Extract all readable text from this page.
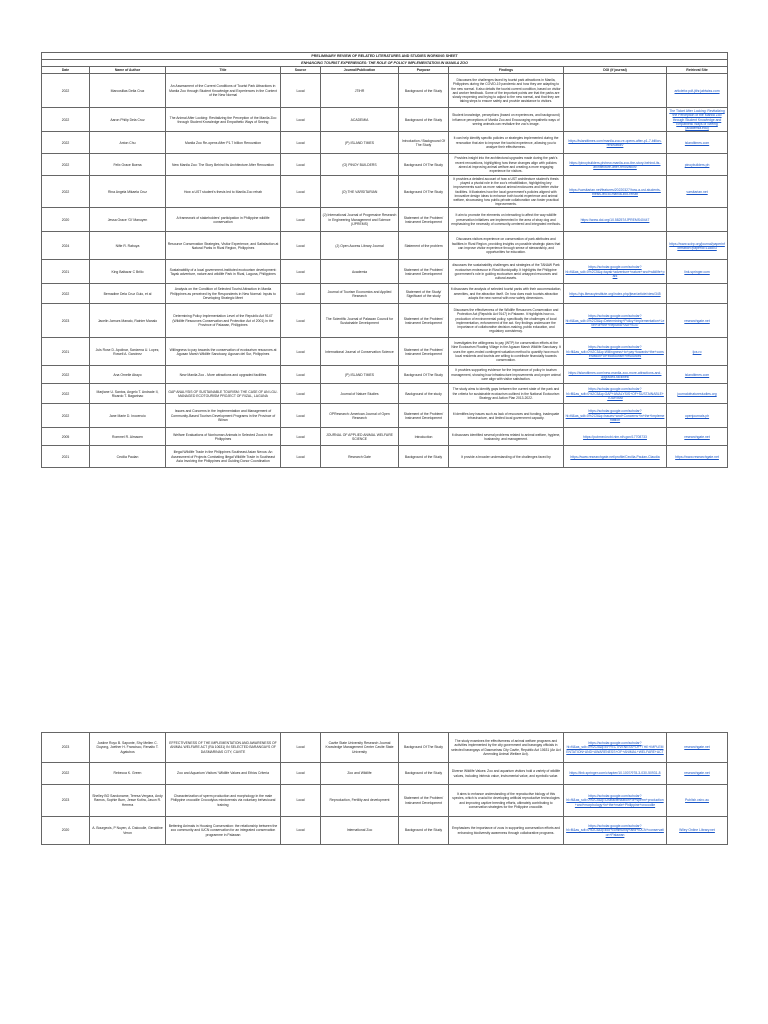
PRELIMINARY REVIEW OF RELATED LITERATURES AND STUDIES WORKING SHEET								
ENHANCING TOURIST EXPERIENCES: THE ROLE OF POLICY IMPLEMENTATION IN MANILA ZOO								
Date	Name of Author	Title	Source	Journal/Publication	Purpose	Findings	DOI (if journal)	Retrieval Site
2022	Marcosillas Delia Cruz	An Assessment of the Current Conditions of Tourist Park Attractions in Manila Zoo through Student Knowledge and Experiences in the Context of the New Normal	Local	JTIHR	Background of the Study	Discusses the challenges faced by tourist park attractions in Manila, Philippines during the COVID-19 pandemic and how they are adapting to the new normal. It also details the tourist current condition, based on visitor and worker feedback. Some of the important points are that the parks are slowly reopening and trying to adjust to the new normal, and that they are taking steps to ensure safety and provide assistance to visitors.		articlefor.pdf-jtihr.jabiwiss.com
2022	Aaron Philip Dela Cruz	The Animal After Locking: Revitalizing the Perception of the Manila Zoo through Student Knowledge and Empathetic Ways of Seeing	Local	ACADEMIA	Background of the Study	Student knowledge, perceptions (based on experiences, and background) influence perceptions of Manila Zoo and Encouraging empathetic ways of seeing animals can revitalize the zoo's image.		The Ticket After Locking: Revitalizing the Perception of the Manila Zoo through Student Knowledge and Empathetic Ways of Seeing (academia.edu)
2022	Anton Chu	Manila Zoo Re-opens After P1.7 billion Renovation	Local	(P) ISLAND TIMES	Introduction / Background Of The Study	It can help identify specific policies or strategies implemented during the renovation that aim to improve the tourist experience, allowing you to analyze their effectiveness.	https://islandtimes.com/manila-zoo-re-opens-after-p1-7-billion-renovation/	islandtimes.com
2022	Felix Grace Buena	New Manila Zoo: The Story Behind Its Architecture After Renovation	Local	(O) PINOY BUILDERS	Background Of The Study	Provides insight into the architectural upgrades made during the park's recent renovations, highlighting how these changes align with policies aimed at improving animal welfare and creating a more engaging experience for visitors.	https://pinoybuilders.ph/new-manila-zoo-the-story-behind-its-architecture-after-renovation/	pinoybuilders.ph
2022	Rina Angela Mikaela Cruz	How a UST student's thesis led to Manila Zoo rehab	Local	(O) THE VARSITARIAN	Background Of The Study	It provides a detailed account of how a UST architecture student's thesis played a pivotal role in the zoo's rehabilitation, highlighting key improvements such as more natural animal enclosures and better visitor facilities. It illustrates how the local government's policies aligned with innovative design ideas to enhance both tourist experience and animal welfare, showcasing how public-private collaboration can foster practical improvements.	https://varsitarian.net/features/20220327/how-a-ust-students-thesis-led-to-manila-zoo-rehab	varsitarian.net
2020	Jessa Grace 'Gi' Manuyen	A framework of stakeholders' participation in Philippine wildlife conservation	Local	(J) International Journal of Progressive Research in Engineering Management and Science (IJPREMS)	Statement of the Problem/ Instrument Development	It aim to promote the elements on interacting to affect the way wildlife preservation initiatives are implemented in the area of stray dog and emphasizing the necessity of community-centered and integrated methods.	https://www.doi.org/10.58257/IJPREMS40447	
2024	Nifie R. Rabuya	Resource Conservation Strategies, Visitor Experience, and Satisfaction at Natural Parks in Rizal Region, Philippines	Local	(J) Open Access Library Journal	Statement of the problem	Discusses visitors experience on conservation of park attributes and facilities in Rizal Region, providing insights on possible strategic plans that can improve visitor experience through sense of stewardship, and opportunities for education.		https://www.scirp.org/journal/paperinformation?paperid=118803
2021	King Baltazar C Brillo	Sustainability of a local government-instituted ecotourism development: Tayak adventure, nature and wildlife Park in Rizal, Laguna, Philippines	Local	Academia	Statement of the Problem/ Instrument Development	discusses the sustainability challenges and strategies of the TANAW Park ecotourism endeavour in Rizal Municipality. It highlights the Philippine government's role in guiding ecotourism amid untapped resources and cultural assets.	https://scholar.google.com/scholar?hl=fil&as_sdt=0%2C5&q=tayak+adventure+nature+and+wildlife+park	link.springer.com
2022	Bernadine Dela Cruz Guio, et al	Analysis on the Condition of Selected Tourist Attraction in Manila Philippines as perceived by the Respondents in New Normal: Inputs to Developing Strategic Meet	Local	Journal of Tourism Economics and Applied Research	Statement of the Study/ Significant of the study	It discusses the analysis of selected tourist parks with their accommodation, amenities, and the attraction itself. On how does each tourists attraction adapts the new normal with new safety dimensions.	https://ojs.literacyinstitute.org/index.php/jtear/article/view/345	
2023	Jacelin Jamurs Manalo, Rainier Manalo	Determining Policy Implementation Level of the Republic Act 9147 (Wildlife Resources Conservation and Protection Act of 2001) in the Province of Palawan, Philippines	Local	The Scientific Journal of Palawan Council for Sustainable Development	Statement of the Problem/ Instrument Development	Discusses the effectiveness of the Wildlife Resources Conservation and Protection Act (Republic Act 9147) in Palawan. It highlights how co-production of environmental policy, specifically the challenges of local implementation, enforcement of the act. Key findings underscore the importance of collaborative decision-making, public education, and regulatory consistency.	https://scholar.google.com/scholar?hl=fil&as_sdt=0%2C5&q=Determining+Policy+Implementation+Level+of+the+Republic+Act+9147	researchgate.net
2021	Juls Rose D. Apolinar, Sanizena U. Lopez, Rowell A. Garcinez	Willingness to pay towards the conservation of ecotourism resources at Agusan Marsh Wildlife Sanctuary, Agusan del Sur, Philippines	Local	International Journal of Conservation Science	Statement of the Problem/ Instrument Development	Investigates the willingness to pay (WTP) for conservation efforts at the Nine Ecotourism Floating Village in the Agusan Marsh Wildlife Sanctuary. It uses the open-ended contingent valuation method to quantify how much local residents and tourists are willing to contribute financially towards conservation.	https://scholar.google.com/scholar?hl=fil&as_sdt=0%2C5&q=Willingness+to+pay+towards+the+conservation+of+ecotourism+resources	ijcs.ro
2022	Ana Ornelle Abayo	New Manila Zoo - More attractions and upgraded facilities	Local	(P) ISLAND TIMES	Background Of The Study	It provides supporting evidence for the importance of policy in tourism management, showing how infrastructure improvements and proper animal care align with visitor satisfaction.	https://islandtimes.com/new-manila-zoo-more-attractions-and-upgraded-facilities/	islandtimes.com
2022	Marjiane U. Santos, Angelo T. Andrade II, Ricardo T. Bagarinao	GAP ANALYSIS OF SUSTAINABLE TOURISM: THE CASE OF AN LGU-MANAGED ECOTOURISM PROJECT OF RIZAL, LAGUNA	Local	Journal of Nature Studies	Background of the study	The study aims to identify gaps between the current state of the park and the criteria for sustainable ecotourism outlined in the National Ecotourism Strategy and Action Plan 2013-2022.	https://scholar.google.com/scholar?hl=fil&as_sdt=0%2C5&q=GAP+ANALYSIS+OF+SUSTAINABLE+TOURISM	journalofnaturestudies.org
2022	Jane Marie D. Inocencio	Issues and Concerns in the Implementation and Management of Community-Based Tourism Development Programs in the Province of Biliran	Local	OPResearch: American Journal of Open Research	Statement of the Problem/ Instrument Development	It identifies key issues such as lack of resources and funding, inadequate infrastructure, and limited local government capacity.	https://scholar.google.com/scholar?hl=fil&as_sdt=0%2C5&q=Issues+and+Concerns+in+the+Implementation	openjournals.ph
2005	Rommel R. Almacen	Welfare Evaluations of Nonhuman Animals in Selected Zoos in the Philippines	Local	JOURNAL OF APPLIED ANIMAL WELFARE SCIENCE	Introduction	It discusses identified several problems related to animal welfare, hygiene, husbandry, and management.	https://pubmed.ncbi.nlm.nih.gov/17708733	researchgate.net
2021	Cecilia Paulan	Illegal Wildlife Trade in the Philippines Southeast Asian Nexus: An Assessment of Projects Combating Illegal Wildlife Trade in Southeast Asia Involving the Philippines and Guiding Donor Coordination	Local	Research Gate	Background of the Study	It provide a broader understanding of the challenges faced by	https://www.researchgate.net/profile/Cecilia-Paulan-Claudia	https://www.researchgate.net
2023	Justine Royo B. Saponte, Shy Mellen C. Duyong, Joether H. Francisco, Renalto T. Agatubos	EFFECTIVENESS OF THE IMPLEMENTATION AND AWARENESS OF ANIMAL WELFARE ACT (RA 10631) IN SELECTED BARANGAYS OF DASMARINAS CITY, CAVITE	Local	Cavite State University Research Journal Knowledge Management Center Cavite State University	Background Of The Study	The study examines the effectiveness of animal welfare programs and activities implemented by the city government and barangay officials in selected barangays of Dasmarinas City Cavite, Republic Act 10631 (An Act Amending Animal Welfare Act).	https://scholar.google.com/scholar?hl=fil&as_sdt=0%2C5&q=EFFECTIVENESS+OF+THE+IMPLEMENTATION+AND+AWARENESS+OF+ANIMAL+WELFARE+ACT	researchgate.net
2022	Rebecca K. Green	Zoo and Aquarium Visitors' Wildlife Values and Ethics Criteria	Local	Zoo and Wildlife	Background of the Study	Diverse Wildlife Values: Zoo and aquarium visitors hold a variety of wildlife values, including intrinsic value, instrumental value, and symbolic value.	https://link.springer.com/chapter/10.1007/978-3-030-50931-8	researchgate.net
2023	Shelley BO Sandoname, Teresa Vergara, Andy Ramos, Sophie Burn, Jesse Kotira, Jason R. Herrera	Characterization of sperm production and morphology in the male Philippine crocodile Crocodylus mindorensis via voluntary behavioural training	Local	Reproduction, Fertility and development	Statement of the Problem/ Instrument Development	It aims to enhance understanding of the reproductive biology of this species, which is crucial for developing artificial reproductive technologies and improving captive breeding efforts, ultimately contributing to conservation strategies for the Philippine crocodile.	https://scholar.google.com/scholar?hl=fil&as_sdt=0%2C5&q=Characterization+of+sperm+production+and+morphology+in+the+male+Philippine+crocodile	Publish.csiro.au
2020	A. Bourgeois, P Nuyen, A. Dalcoulle, Geraldine Veron	Bettering Animals in Housing Conservation: the relationship between the zoo community and IUCN conservation for an integrated conservation programme in Palawan	Local	International Zoo	Background of the Study	Emphasizes the importance of zoos in supporting conservation efforts and enhancing biodiversity awareness through collaborative programs.	https://scholar.google.com/scholar?hl=fil&as_sdt=0%2C5&q=zoo+community+and+IUCN+conservation+Palawan	Wiley Online Library.net
